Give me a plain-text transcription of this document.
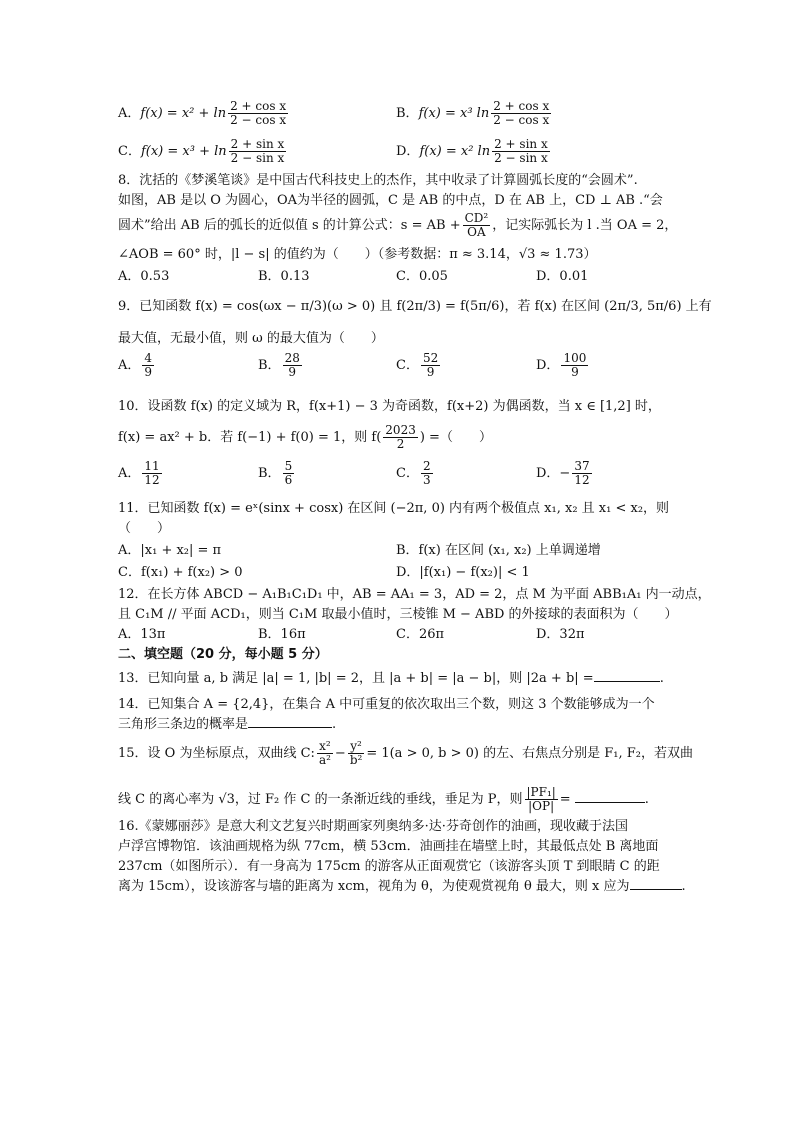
A．$f(x) = x^2 + \ln \frac{\text{2 + cos x}}{\text{2 − cos x}}$	B．f(x) = x³ $\ln \frac{\text{2 + cos x}}{\text{2 − cos x}}$
C．$f(x) = x^3 + \ln \frac{\text{2 + sin x}}{\text{2 − sin x}}$	D．f(x) = x² $\ln \frac{\text{2 + sin x}}{\text{2 − sin x}}$
8．沈括的《梦溪笔谈》是中国古代科技史上的杰作，其中收录了计算圆弧长度的“会圆术”.
如图，AB 是以 O 为圆心，OA为半径的圆弧，C 是 AB 的中点，D 在 AB 上，CD ⊥ AB .“会
圆术”给出 AB 后的弧长的近似值 s 的计算公式：s = AB + $\frac{\text{CD²}}{OA}$ ，记实际弧长为 l .当 OA = 2，
∠AOB = 60° 时，|l − s| 的值约为（　　）（参考数据：π ≈ 3.14，√3 ≈ 1.73）
A．0.53	B．0.13	C．0.05	D．0.01
9．已知函数 f(x) = cos(ωx − π/3)(ω > 0) 且 f(2π/3) = f(5π/6)，若 f(x) 在区间 (2π/3, 5π/6) 上有
最大值，无最小值，则 ω 的最大值为（　　）
A． $\frac{4}{9}$	B． $\frac{28}{9}$	C． $\frac{52}{9}$	D． $\frac{100}{9}$
10．设函数 f(x) 的定义域为 R，f(x+1) − 3 为奇函数，f(x+2) 为偶函数，当 x ∈ [1,2] 时，
f(x) = ax² + b．若 f(−1) + f(0) = 1，则 $f( \frac{2023}{2}$ ) =（　　）
A． $\frac{11}{12}$	B． $\frac{5}{6}$	C． $\frac{2}{3}$	D．− $\frac{37}{12}$
11．已知函数 f(x) = eˣ(sinx + cosx) 在区间 (−2π, 0) 内有两个极值点 x₁, x₂ 且 x₁ < x₂，则
（　　）
A．|x₁ + x₂| = π	B．f(x) 在区间 (x₁, x₂) 上单调递增
C．f(x₁) + f(x₂) > 0	D．|f(x₁) − f(x₂)| < 1
12．在长方体 ABCD − A₁B₁C₁D₁ 中，AB = AA₁ = 3，AD = 2，点 M 为平面 ABB₁A₁ 内一动点，
且 C₁M // 平面 ACD₁，则当 C₁M 取最小值时，三棱锥 M − ABD 的外接球的表面积为（　　）
A．13π	B．16π	C．26π	D．32π
二、填空题（20 分，每小题 5 分）
13．已知向量 a, b 满足 |a| = 1, |b| = 2，且 |a + b| = |a − b|，则 |2a + b| =	.
14．已知集合 A = {2,4}，在集合 A 中可重复的依次取出三个数，则这 3 个数能够成为一个
三角形三条边的概率是	.
15．设 O 为坐标原点，双曲线 C: $\frac{\text{x²}}{\text{a²}} - \frac{\text{y²}}{\text{b²}} = 1(a > 0$, b > 0) 的左、右焦点分别是 F₁, F₂，若双曲
线 C 的离心率为 √3，过 F₂ 作 C 的一条渐近线的垂线，垂足为 P，则 $\frac{\text{|PF₁|}}{|OP|}$ =	.
16.《蒙娜丽莎》是意大利文艺复兴时期画家列奥纳多·达·芬奇创作的油画，现收藏于法国
卢浮宫博物馆．该油画规格为纵 77cm，横 53cm．油画挂在墙壁上时，其最低点处 B 离地面
237cm（如图所示）．有一身高为 175cm 的游客从正面观赏它（该游客头顶 T 到眼睛 C 的距
离为 15cm），设该游客与墙的距离为 xcm，视角为 θ，为使观赏视角 θ 最大，则 x 应为	.
